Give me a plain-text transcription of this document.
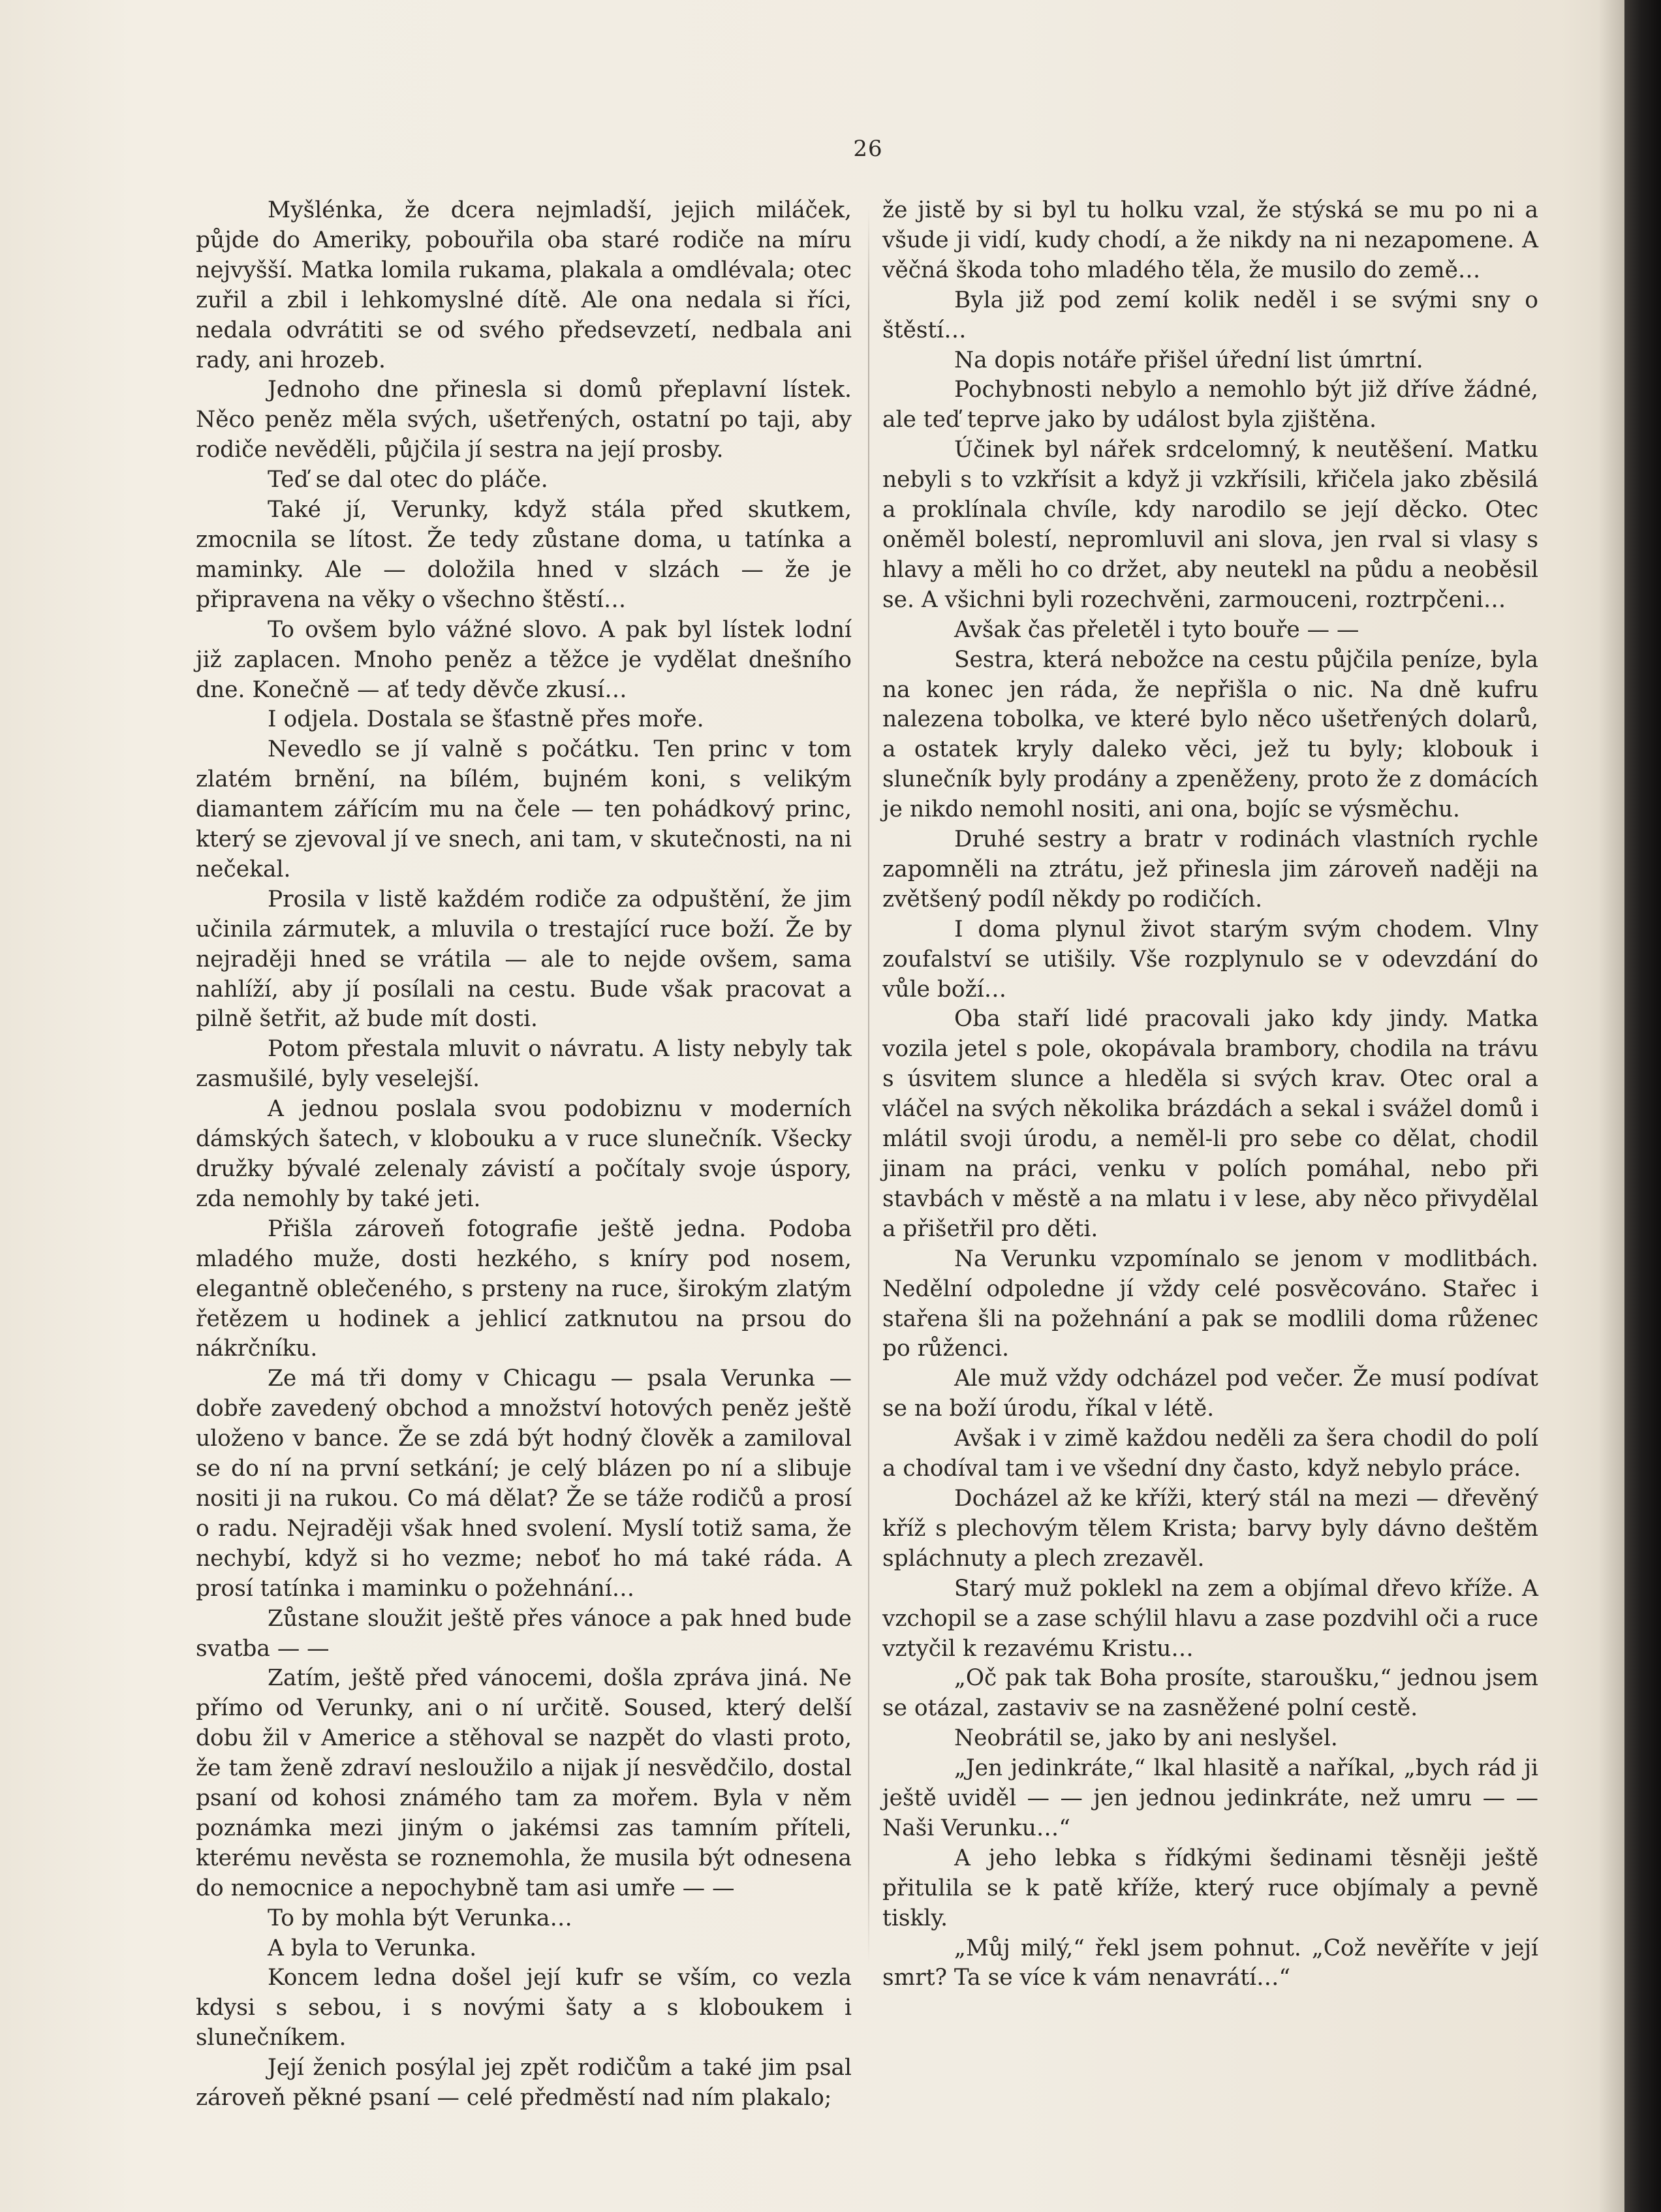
26

Myšlénka, že dcera nejmladší, jejich miláček, půjde do Ameriky, pobouřila oba staré rodiče na míru nejvyšší. Matka lomila rukama, plakala a omdlévala; otec zuřil a zbil i lehkomyslné dítě. Ale ona nedala si říci, nedala odvrátiti se od svého předsevzetí, nedbala ani rady, ani hrozeb.

Jednoho dne přinesla si domů přeplavní lístek. Něco peněz měla svých, ušetřených, ostatní po taji, aby rodiče nevěděli, půjčila jí sestra na její prosby.

Teď se dal otec do pláče.

Také jí, Verunky, když stála před skutkem, zmocnila se lítost. Že tedy zůstane doma, u tatínka a maminky. Ale — doložila hned v slzách — že je připravena na věky o všechno štěstí…

To ovšem bylo vážné slovo. A pak byl lístek lodní již zaplacen. Mnoho peněz a těžce je vydělat dnešního dne. Konečně — ať tedy děvče zkusí…

I odjela. Dostala se šťastně přes moře.

Nevedlo se jí valně s počátku. Ten princ v tom zlatém brnění, na bílém, bujném koni, s velikým diamantem zářícím mu na čele — ten pohádkový princ, který se zjevoval jí ve snech, ani tam, v skutečnosti, na ni nečekal.

Prosila v listě každém rodiče za odpuštění, že jim učinila zármutek, a mluvila o trestající ruce boží. Že by nejraději hned se vrátila — ale to nejde ovšem, sama nahlíží, aby jí posílali na cestu. Bude však pracovat a pilně šetřit, až bude mít dosti.

Potom přestala mluvit o návratu. A listy nebyly tak zasmušilé, byly veselejší.

A jednou poslala svou podobiznu v moderních dámských šatech, v klobouku a v ruce slunečník. Všecky družky bývalé zelenaly závistí a počítaly svoje úspory, zda nemohly by také jeti.

Přišla zároveň fotografie ještě jedna. Podoba mladého muže, dosti hezkého, s kníry pod nosem, elegantně oblečeného, s prsteny na ruce, širokým zlatým řetězem u hodinek a jehlicí zatknutou na prsou do nákrčníku.

Ze má tři domy v Chicagu — psala Verunka — dobře zavedený obchod a množství hotových peněz ještě uloženo v bance. Že se zdá být hodný člověk a zamiloval se do ní na první setkání; je celý blázen po ní a slibuje nositi ji na rukou. Co má dělat? Že se táže rodičů a prosí o radu. Nejraději však hned svolení. Myslí totiž sama, že nechybí, když si ho vezme; neboť ho má také ráda. A prosí tatínka i maminku o požehnání…

Zůstane sloužit ještě přes vánoce a pak hned bude svatba — —

Zatím, ještě před vánocemi, došla zpráva jiná. Ne přímo od Verunky, ani o ní určitě. Soused, který delší dobu žil v Americe a stěhoval se nazpět do vlasti proto, že tam ženě zdraví nesloužilo a nijak jí nesvědčilo, dostal psaní od kohosi známého tam za mořem. Byla v něm poznámka mezi jiným o jakémsi zas tamním příteli, kterému nevěsta se roznemohla, že musila být odnesena do nemocnice a nepochybně tam asi umře — —

To by mohla být Verunka…

A byla to Verunka.

Koncem ledna došel její kufr se vším, co vezla kdysi s sebou, i s novými šaty a s kloboukem i slunečníkem.

Její ženich posýlal jej zpět rodičům a také jim psal zároveň pěkné psaní — celé předměstí nad ním plakalo;

že jistě by si byl tu holku vzal, že stýská se mu po ni a všude ji vidí, kudy chodí, a že nikdy na ni nezapomene. A věčná škoda toho mladého těla, že musilo do země…

Byla již pod zemí kolik neděl i se svými sny o štěstí…

Na dopis notáře přišel úřední list úmrtní.

Pochybnosti nebylo a nemohlo být již dříve žádné, ale teď teprve jako by událost byla zjištěna.

Účinek byl nářek srdcelomný, k neutěšení. Matku nebyli s to vzkřísit a když ji vzkřísili, křičela jako zběsilá a proklínala chvíle, kdy narodilo se její děcko. Otec oněměl bolestí, nepromluvil ani slova, jen rval si vlasy s hlavy a měli ho co držet, aby neutekl na půdu a neoběsil se. A všichni byli rozechvěni, zarmouceni, roztrpčeni…

Avšak čas přeletěl i tyto bouře — —

Sestra, která nebožce na cestu půjčila peníze, byla na konec jen ráda, že nepřišla o nic. Na dně kufru nalezena tobolka, ve které bylo něco ušetřených dolarů, a ostatek kryly daleko věci, jež tu byly; klobouk i slunečník byly prodány a zpeněženy, proto že z domácích je nikdo nemohl nositi, ani ona, bojíc se výsměchu.

Druhé sestry a bratr v rodinách vlastních rychle zapomněli na ztrátu, jež přinesla jim zároveň naději na zvětšený podíl někdy po rodičích.

I doma plynul život starým svým chodem. Vlny zoufalství se utišily. Vše rozplynulo se v odevzdání do vůle boží…

Oba staří lidé pracovali jako kdy jindy. Matka vozila jetel s pole, okopávala brambory, chodila na trávu s úsvitem slunce a hleděla si svých krav. Otec oral a vláčel na svých několika brázdách a sekal i svážel domů i mlátil svoji úrodu, a neměl-li pro sebe co dělat, chodil jinam na práci, venku v polích pomáhal, nebo při stavbách v městě a na mlatu i v lese, aby něco přivydělal a přišetřil pro děti.

Na Verunku vzpomínalo se jenom v modlitbách. Nedělní odpoledne jí vždy celé posvěcováno. Stařec i stařena šli na požehnání a pak se modlili doma růženec po růženci.

Ale muž vždy odcházel pod večer. Že musí podívat se na boží úrodu, říkal v létě.

Avšak i v zimě každou neděli za šera chodil do polí a chodíval tam i ve všední dny často, když nebylo práce.

Docházel až ke kříži, který stál na mezi — dřevěný kříž s plechovým tělem Krista; barvy byly dávno deštěm spláchnuty a plech zrezavěl.

Starý muž poklekl na zem a objímal dřevo kříže. A vzchopil se a zase schýlil hlavu a zase pozdvihl oči a ruce vztyčil k rezavému Kristu…

„Oč pak tak Boha prosíte, staroušku,“ jednou jsem se otázal, zastaviv se na zasněžené polní cestě.

Neobrátil se, jako by ani neslyšel.

„Jen jedinkráte,“ lkal hlasitě a naříkal, „bych rád ji ještě uviděl — — jen jednou jedinkráte, než umru — — Naši Verunku…“

A jeho lebka s řídkými šedinami těsněji ještě přitulila se k patě kříže, který ruce objímaly a pevně tiskly.

„Můj milý,“ řekl jsem pohnut. „Což nevěříte v její smrt? Ta se více k vám nenavrátí…“
